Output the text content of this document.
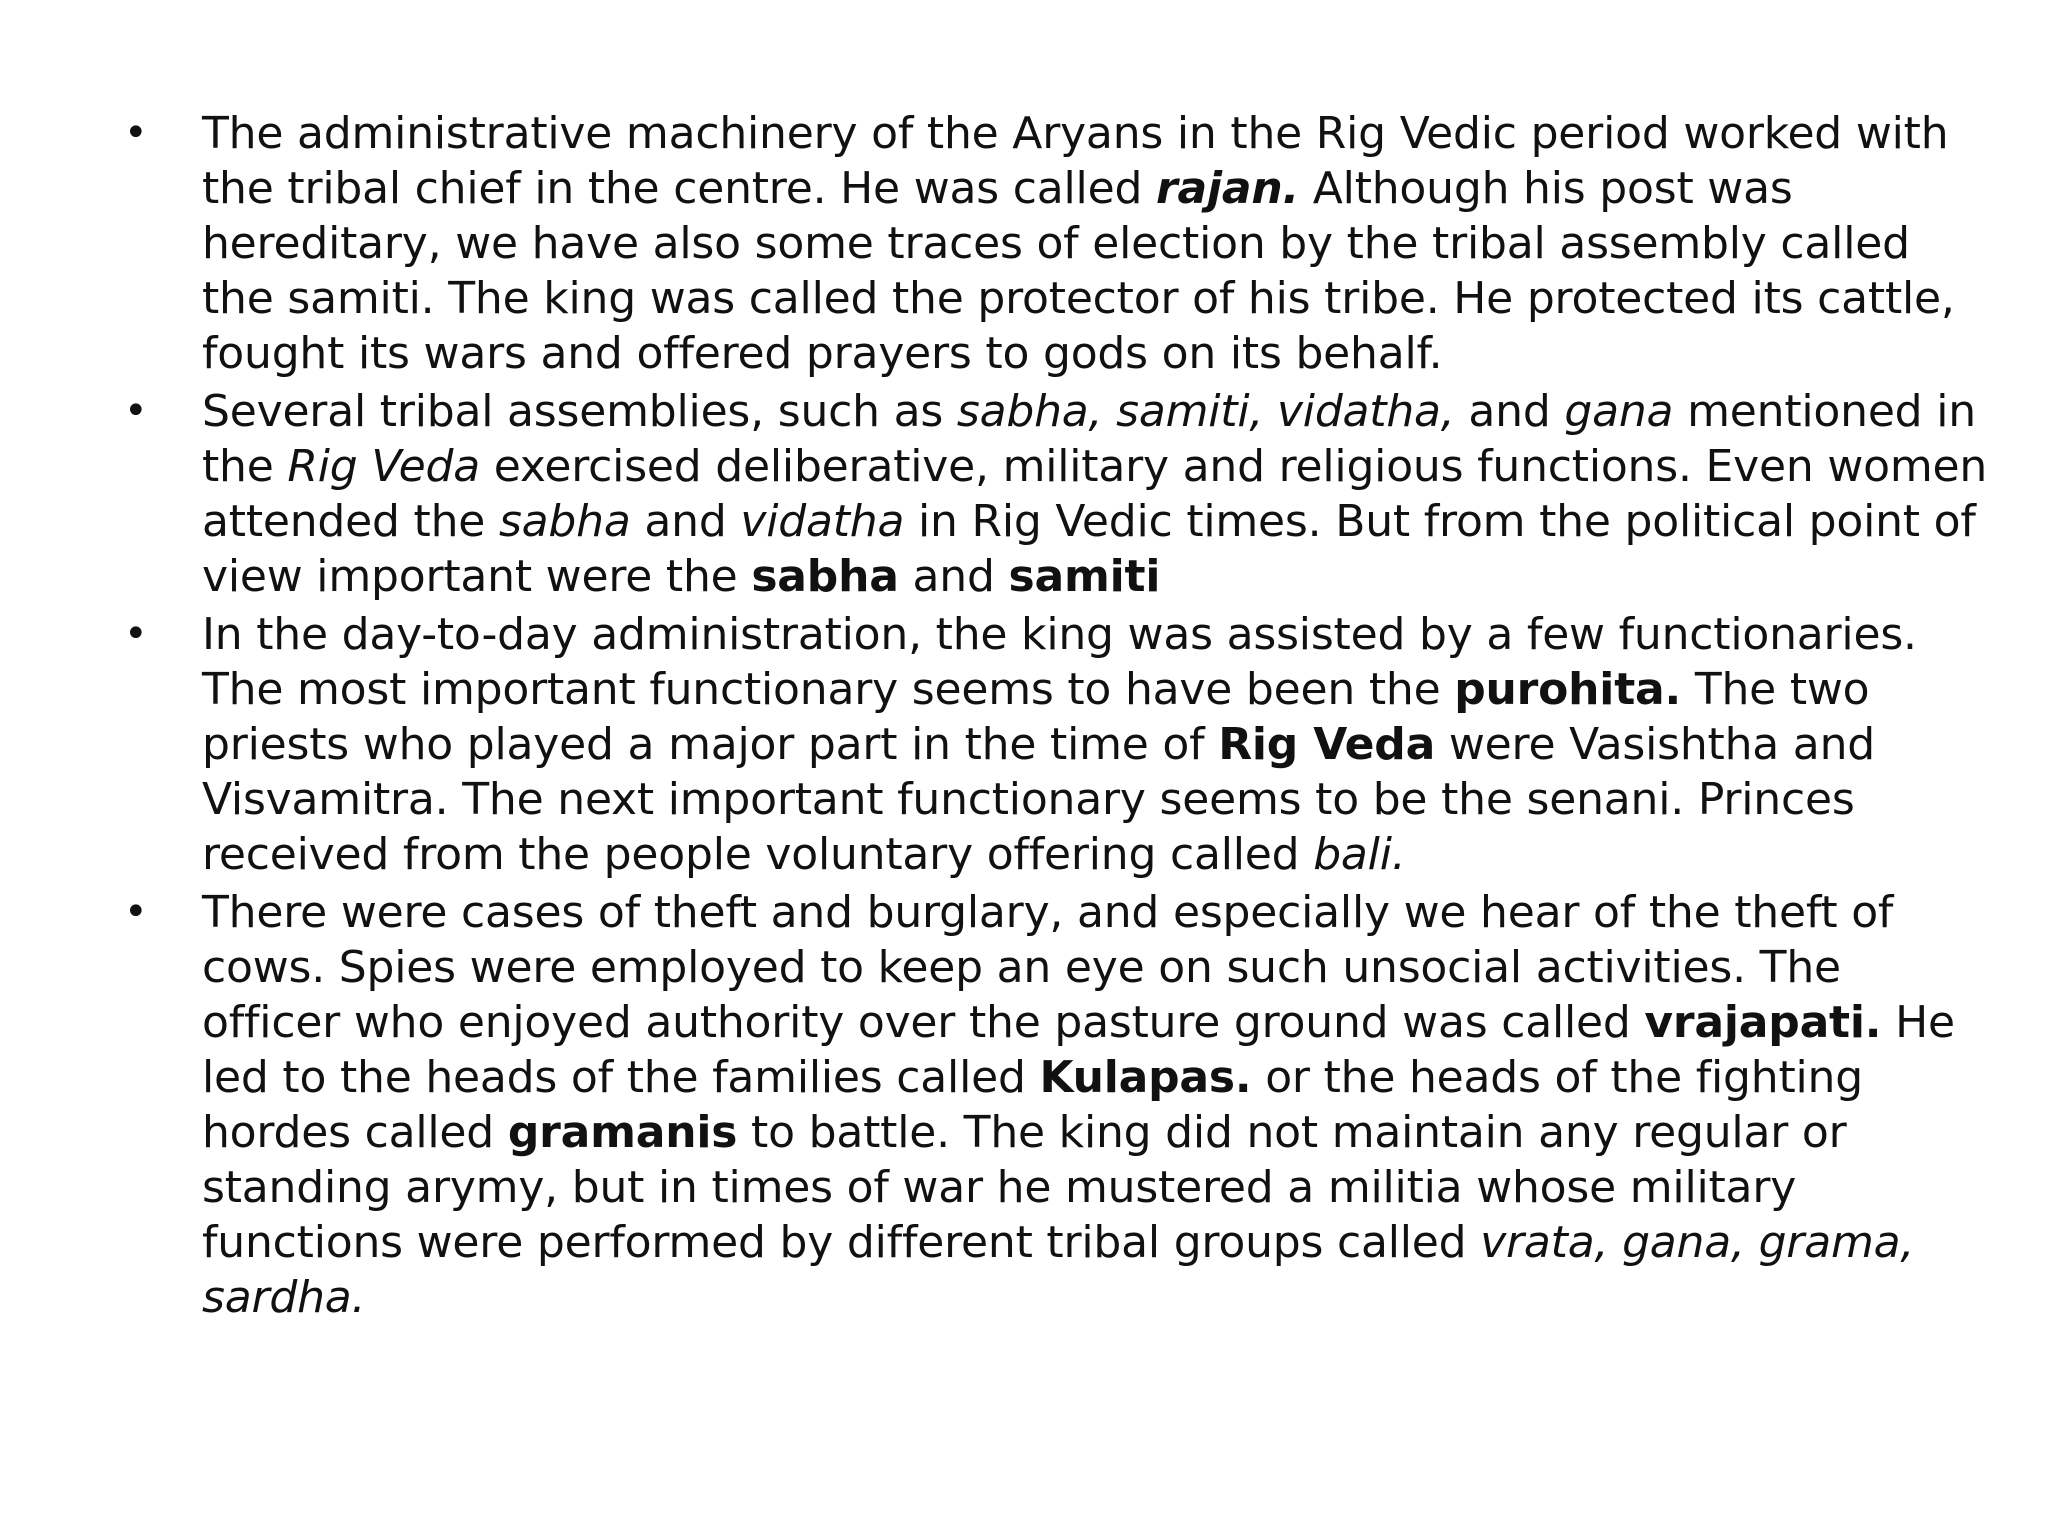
•	The administrative machinery of the Aryans in the Rig Vedic period worked with the tribal chief in the centre. He was called rajan. Although his post was hereditary, we have also some traces of election by the tribal assembly called the samiti. The king was called the protector of his tribe. He protected its cattle, fought its wars and offered prayers to gods on its behalf.
•	Several tribal assemblies, such as sabha, samiti, vidatha, and gana mentioned in the Rig Veda exercised deliberative, military and religious functions. Even women attended the sabha and vidatha in Rig Vedic times. But from the political point of view important were the sabha and samiti
•	In the day-to-day administration, the king was assisted by a few functionaries. The most important functionary seems to have been the purohita. The two priests who played a major part in the time of Rig Veda were Vasishtha and Visvamitra. The next important functionary seems to be the senani. Princes received from the people voluntary offering called bali.
•	There were cases of theft and burglary, and especially we hear of the theft of cows. Spies were employed to keep an eye on such unsocial activities. The officer who enjoyed authority over the pasture ground was called vrajapati. He led to the heads of the families called Kulapas. or the heads of the fighting hordes called gramanis to battle. The king did not maintain any regular or standing arymy, but in times of war he mustered a militia whose military functions were performed by different tribal groups called vrata, gana, grama, sardha.
